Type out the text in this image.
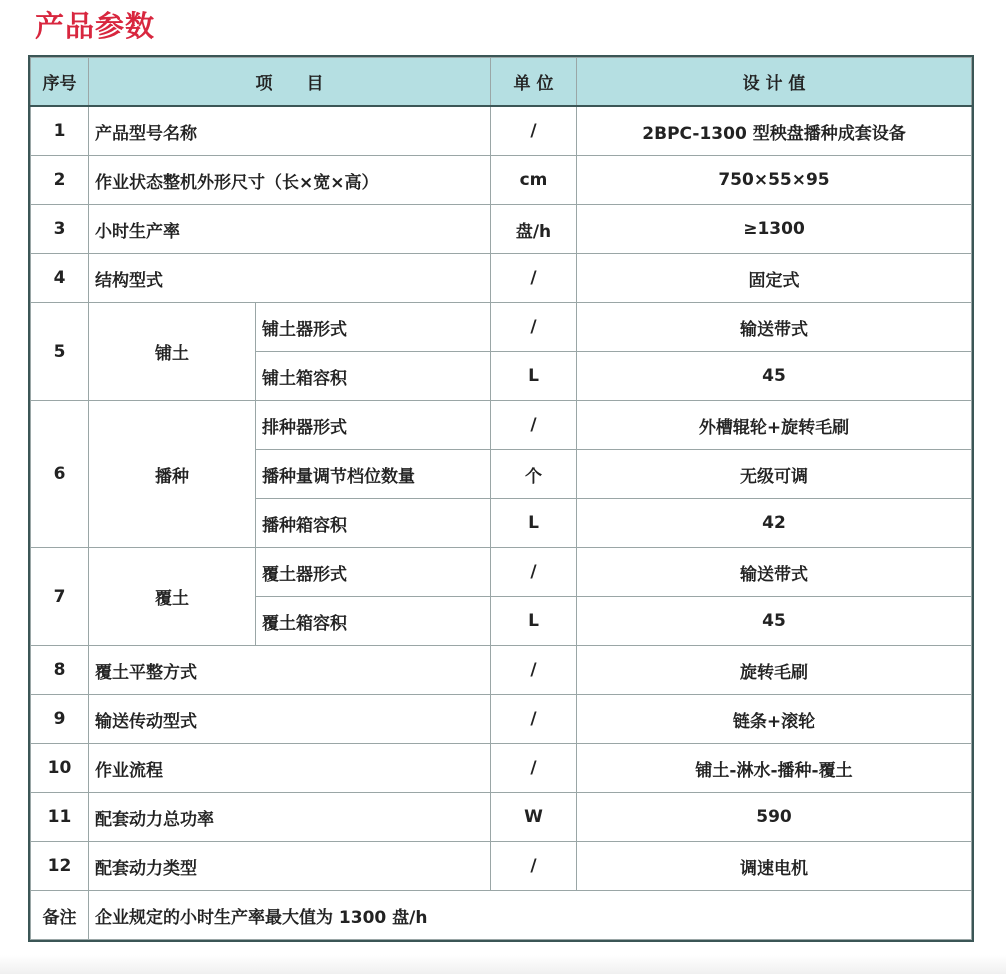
产品参数
序号	项　　目		单 位	设 计 值
1	产品型号名称		/	2BPC-1300 型秧盘播种成套设备
2	作业状态整机外形尺寸（长×宽×高）		cm	750×55×95
3	小时生产率		盘/h	≥1300
4	结构型式		/	固定式
5	铺土	铺土器形式	/	输送带式
		铺土箱容积	L	45
6	播种	排种器形式	/	外槽辊轮+旋转毛刷
		播种量调节档位数量	个	无级可调
		播种箱容积	L	42
7	覆土	覆土器形式	/	输送带式
		覆土箱容积	L	45
8	覆土平整方式		/	旋转毛刷
9	输送传动型式		/	链条+滚轮
10	作业流程		/	铺土-淋水-播种-覆土
11	配套动力总功率		W	590
12	配套动力类型		/	调速电机
备注	企业规定的小时生产率最大值为 1300 盘/h			
